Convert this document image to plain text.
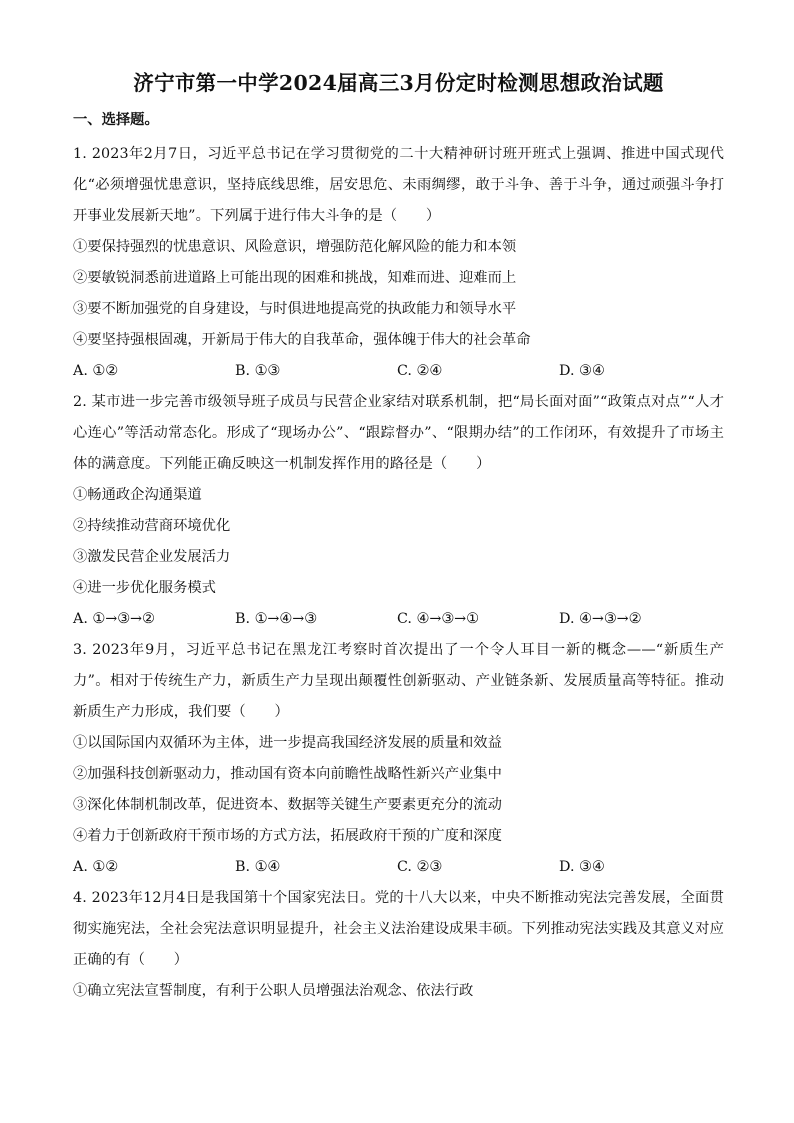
济宁市第一中学2024届高三3月份定时检测思想政治试题
一、选择题。

1. 2023年2月7日，习近平总书记在学习贯彻党的二十大精神研讨班开班式上强调、推进中国式现代化“必须增强忧患意识，坚持底线思维，居安思危、未雨绸缪，敢于斗争、善于斗争，通过顽强斗争打开事业发展新天地”。下列属于进行伟大斗争的是（　　）

①要保持强烈的忧患意识、风险意识，增强防范化解风险的能力和本领

②要敏锐洞悉前进道路上可能出现的困难和挑战，知难而进、迎难而上

③要不断加强党的自身建设，与时俱进地提高党的执政能力和领导水平

④要坚持强根固魂，开新局于伟大的自我革命，强体魄于伟大的社会革命

A. ①②	B. ①③	C. ②④	D. ③④

2. 某市进一步完善市级领导班子成员与民营企业家结对联系机制，把“局长面对面”“政策点对点”“人才心连心”等活动常态化。形成了“现场办公”、“跟踪督办”、“限期办结”的工作闭环，有效提升了市场主体的满意度。下列能正确反映这一机制发挥作用的路径是（　　）

①畅通政企沟通渠道

②持续推动营商环境优化

③激发民营企业发展活力

④进一步优化服务模式

A. ①→③→②	B. ①→④→③	C. ④→③→①	D. ④→③→②

3. 2023年9月，习近平总书记在黑龙江考察时首次提出了一个令人耳目一新的概念——“新质生产力”。相对于传统生产力，新质生产力呈现出颠覆性创新驱动、产业链条新、发展质量高等特征。推动新质生产力形成，我们要（　　）

①以国际国内双循环为主体，进一步提高我国经济发展的质量和效益

②加强科技创新驱动力，推动国有资本向前瞻性战略性新兴产业集中

③深化体制机制改革，促进资本、数据等关键生产要素更充分的流动

④着力于创新政府干预市场的方式方法，拓展政府干预的广度和深度

A. ①②	B. ①④	C. ②③	D. ③④

4. 2023年12月4日是我国第十个国家宪法日。党的十八大以来，中央不断推动宪法完善发展，全面贯彻实施宪法，全社会宪法意识明显提升，社会主义法治建设成果丰硕。下列推动宪法实践及其意义对应正确的有（　　）

①确立宪法宣誓制度，有利于公职人员增强法治观念、依法行政
